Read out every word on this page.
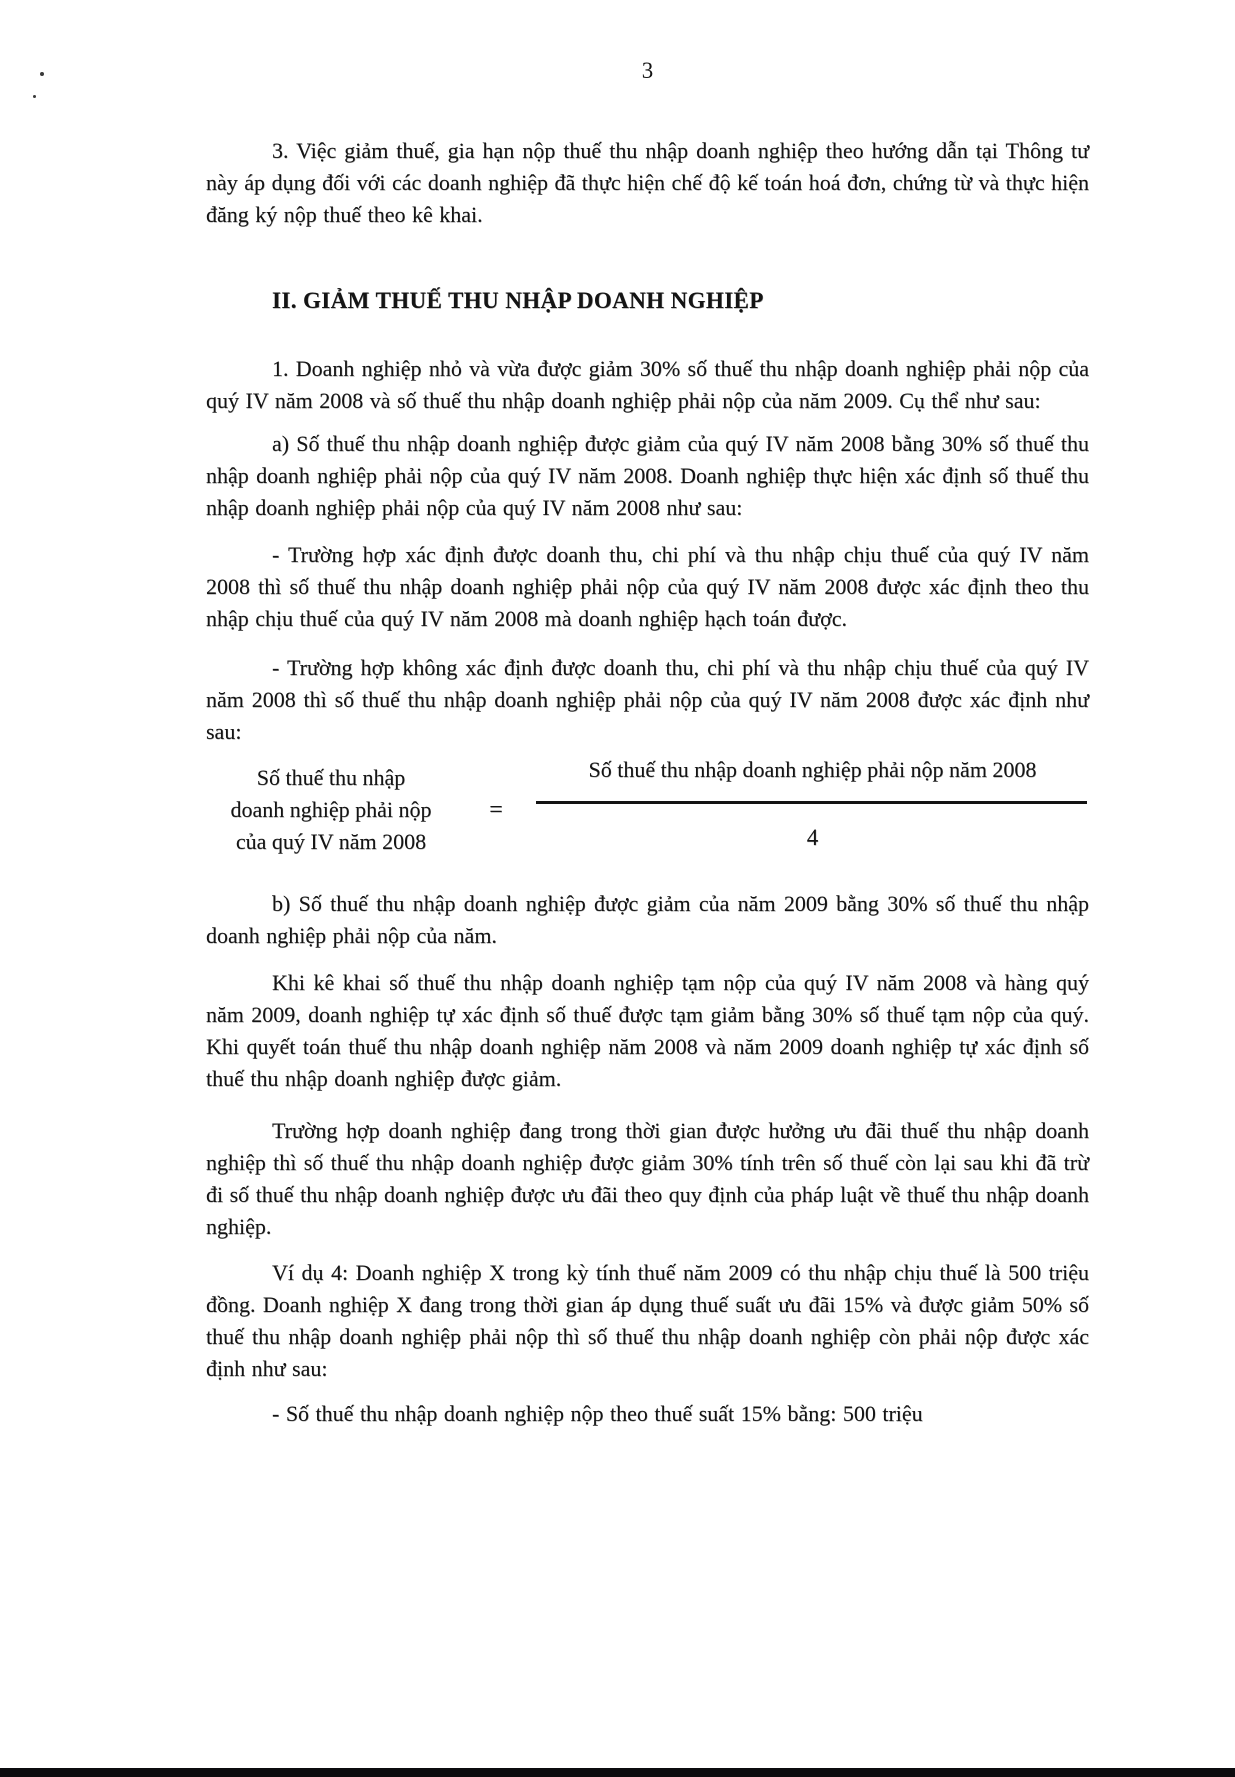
3

3. Việc giảm thuế, gia hạn nộp thuế thu nhập doanh nghiệp theo hướng dẫn tại Thông tư này áp dụng đối với các doanh nghiệp đã thực hiện chế độ kế toán hoá đơn, chứng từ và thực hiện đăng ký nộp thuế theo kê khai.

II. GIẢM THUẾ THU NHẬP DOANH NGHIỆP

1. Doanh nghiệp nhỏ và vừa được giảm 30% số thuế thu nhập doanh nghiệp phải nộp của quý IV năm 2008 và số thuế thu nhập doanh nghiệp phải nộp của năm 2009. Cụ thể như sau:

a) Số thuế thu nhập doanh nghiệp được giảm của quý IV năm 2008 bằng 30% số thuế thu nhập doanh nghiệp phải nộp của quý IV năm 2008. Doanh nghiệp thực hiện xác định số thuế thu nhập doanh nghiệp phải nộp của quý IV năm 2008 như sau:

- Trường hợp xác định được doanh thu, chi phí và thu nhập chịu thuế của quý IV năm 2008 thì số thuế thu nhập doanh nghiệp phải nộp của quý IV năm 2008 được xác định theo thu nhập chịu thuế của quý IV năm 2008 mà doanh nghiệp hạch toán được.

- Trường hợp không xác định được doanh thu, chi phí và thu nhập chịu thuế của quý IV năm 2008 thì số thuế thu nhập doanh nghiệp phải nộp của quý IV năm 2008 được xác định như sau:

Số thuế thu nhập
doanh nghiệp phải nộp
của quý IV năm 2008
=	$\frac{\text{Số thuế thu nhập doanh nghiệp phải nộp năm 2008}}{4}$

b) Số thuế thu nhập doanh nghiệp được giảm của năm 2009 bằng 30% số thuế thu nhập doanh nghiệp phải nộp của năm.

Khi kê khai số thuế thu nhập doanh nghiệp tạm nộp của quý IV năm 2008 và hàng quý năm 2009, doanh nghiệp tự xác định số thuế được tạm giảm bằng 30% số thuế tạm nộp của quý. Khi quyết toán thuế thu nhập doanh nghiệp năm 2008 và năm 2009 doanh nghiệp tự xác định số thuế thu nhập doanh nghiệp được giảm.

Trường hợp doanh nghiệp đang trong thời gian được hưởng ưu đãi thuế thu nhập doanh nghiệp thì số thuế thu nhập doanh nghiệp được giảm 30% tính trên số thuế còn lại sau khi đã trừ đi số thuế thu nhập doanh nghiệp được ưu đãi theo quy định của pháp luật về thuế thu nhập doanh nghiệp.

Ví dụ 4: Doanh nghiệp X trong kỳ tính thuế năm 2009 có thu nhập chịu thuế là 500 triệu đồng. Doanh nghiệp X đang trong thời gian áp dụng thuế suất ưu đãi 15% và được giảm 50% số thuế thu nhập doanh nghiệp phải nộp thì số thuế thu nhập doanh nghiệp còn phải nộp được xác định như sau:

- Số thuế thu nhập doanh nghiệp nộp theo thuế suất 15% bằng: 500 triệu
